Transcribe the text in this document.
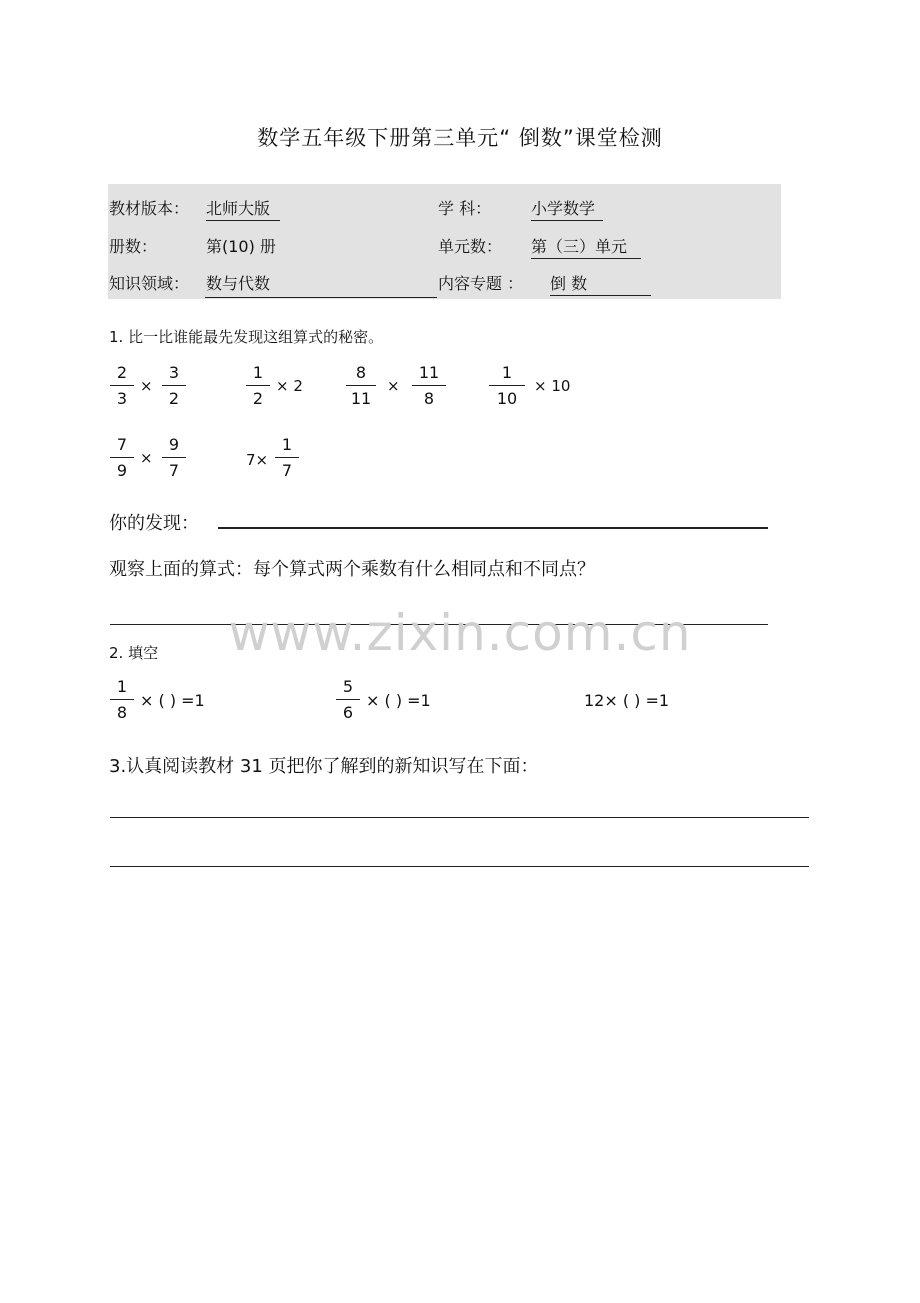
数学五年级下册第三单元“ 倒数”课堂检测
教材版本： 北师大版	学 科： 小学数学
册数：	第(10) 册	单元数： 第（三）单元
知识领域： 数与代数	内容专题 ： 倒 数
1. 比一比谁能最先发现这组算式的秘密。
2
3
×
3
2
1
2
× 2
8
11
×
11
8
1
10
× 10
7
9
×
9
7
7×
1
7
你的发现：
观察上面的算式：每个算式两个乘数有什么相同点和不同点？
www.zixin.com.cn
2. 填空
1
8
× ( ) =1
5
6
× ( ) =1	12× ( ) =1
3.认真阅读教材 31 页把你了解到的新知识写在下面：
